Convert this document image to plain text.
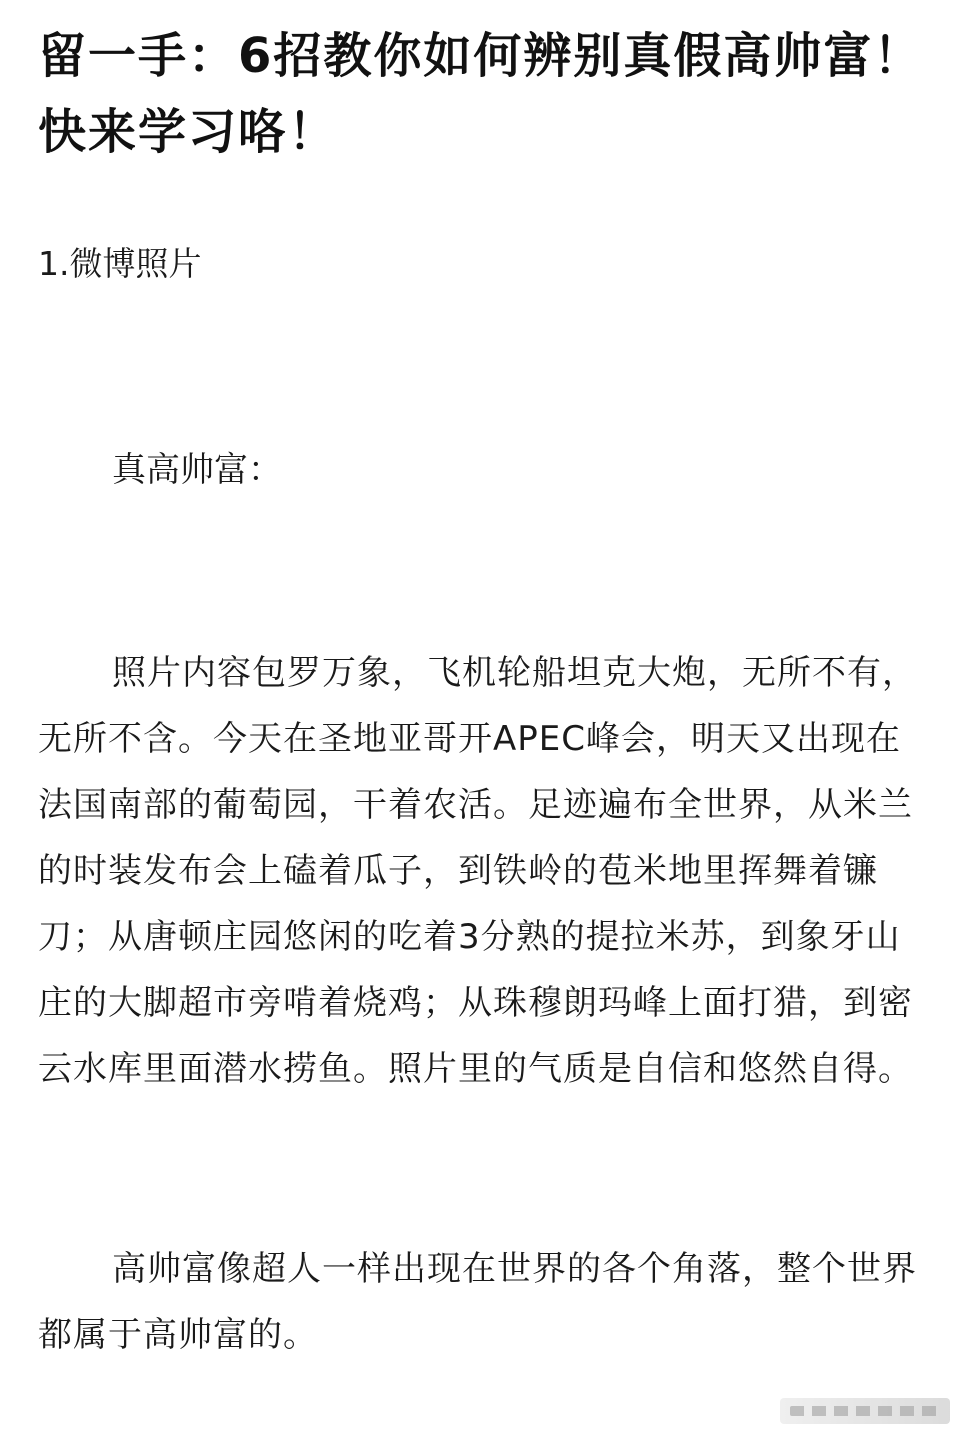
留一手：6招教你如何辨别真假高帅富！快来学习咯！
1.微博照片
真高帅富：

照片内容包罗万象，飞机轮船坦克大炮，无所不有，无所不含。今天在圣地亚哥开APEC峰会，明天又出现在法国南部的葡萄园，干着农活。足迹遍布全世界，从米兰的时装发布会上磕着瓜子，到铁岭的苞米地里挥舞着镰刀；从唐顿庄园悠闲的吃着3分熟的提拉米苏，到象牙山庄的大脚超市旁啃着烧鸡；从珠穆朗玛峰上面打猎，到密云水库里面潜水捞鱼。照片里的气质是自信和悠然自得。

高帅富像超人一样出现在世界的各个角落，整个世界都属于高帅富的。
